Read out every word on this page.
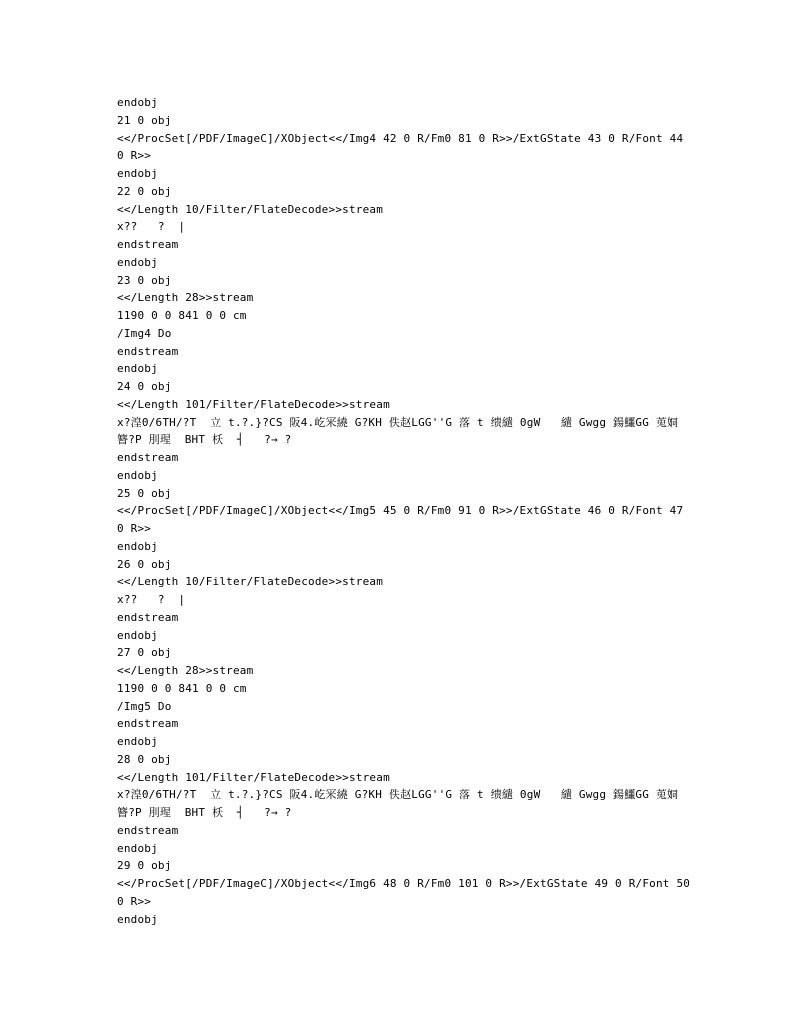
endobj
21 0 obj
<</ProcSet[/PDF/ImageC]/XObject<</Img4 42 0 R/Fm0 81 0 R>>/ExtGState 43 0 R/Font 44
0 R>>
endobj
22 0 obj
<</Length 10/Filter/FlateDecode>>stream
x??   ?  |
endstream
endobj
23 0 obj
<</Length 28>>stream
1190 0 0 841 0 0 cm
/Img4 Do
endstream
endobj
24 0 obj
<</Length 101/Filter/FlateDecode>>stream
x?湟0/6TH/?T  立 t.?.}?CS 阪4.屹冞繞 G?KH 佚赵LGG''G 落 t 缋繾 0gW   繾 Gwgg 鍚鱷GG 莵姛
簪?P 刖瑆  BHT 枖  ┤   ?→ ?
endstream
endobj
25 0 obj
<</ProcSet[/PDF/ImageC]/XObject<</Img5 45 0 R/Fm0 91 0 R>>/ExtGState 46 0 R/Font 47
0 R>>
endobj
26 0 obj
<</Length 10/Filter/FlateDecode>>stream
x??   ?  |
endstream
endobj
27 0 obj
<</Length 28>>stream
1190 0 0 841 0 0 cm
/Img5 Do
endstream
endobj
28 0 obj
<</Length 101/Filter/FlateDecode>>stream
x?湟0/6TH/?T  立 t.?.}?CS 阪4.屹冞繞 G?KH 佚赵LGG''G 落 t 缋繾 0gW   繾 Gwgg 鍚鱷GG 莵姛
簪?P 刖瑆  BHT 枖  ┤   ?→ ?
endstream
endobj
29 0 obj
<</ProcSet[/PDF/ImageC]/XObject<</Img6 48 0 R/Fm0 101 0 R>>/ExtGState 49 0 R/Font 50
0 R>>
endobj
